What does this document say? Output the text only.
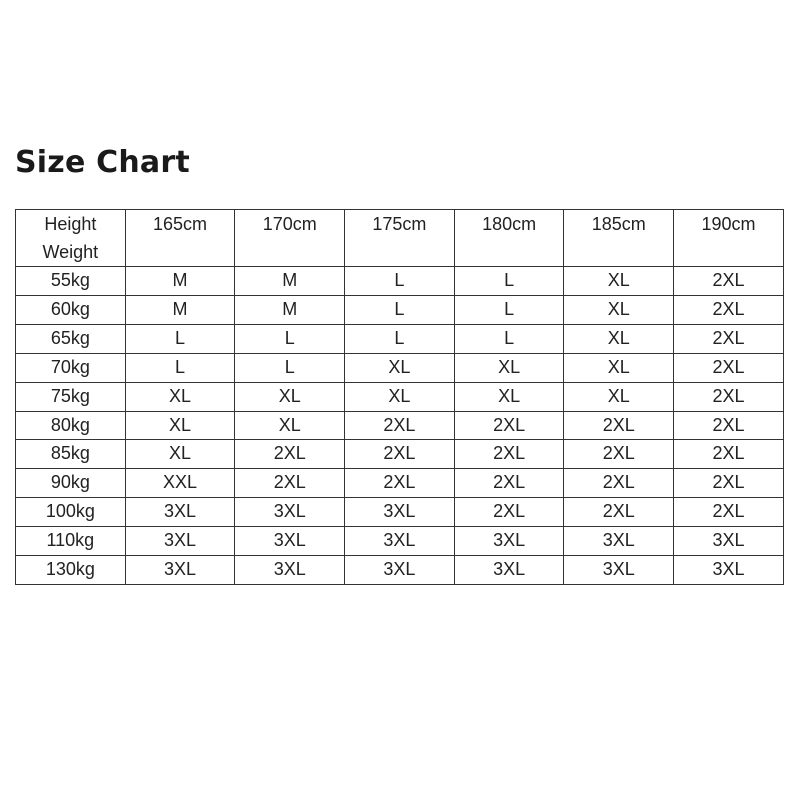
Size Chart
Height
Weight	165cm	170cm	175cm	180cm	185cm	190cm
55kg	M	M	L	L	XL	2XL
60kg	M	M	L	L	XL	2XL
65kg	L	L	L	L	XL	2XL
70kg	L	L	XL	XL	XL	2XL
75kg	XL	XL	XL	XL	XL	2XL
80kg	XL	XL	2XL	2XL	2XL	2XL
85kg	XL	2XL	2XL	2XL	2XL	2XL
90kg	XXL	2XL	2XL	2XL	2XL	2XL
100kg	3XL	3XL	3XL	2XL	2XL	2XL
110kg	3XL	3XL	3XL	3XL	3XL	3XL
130kg	3XL	3XL	3XL	3XL	3XL	3XL
